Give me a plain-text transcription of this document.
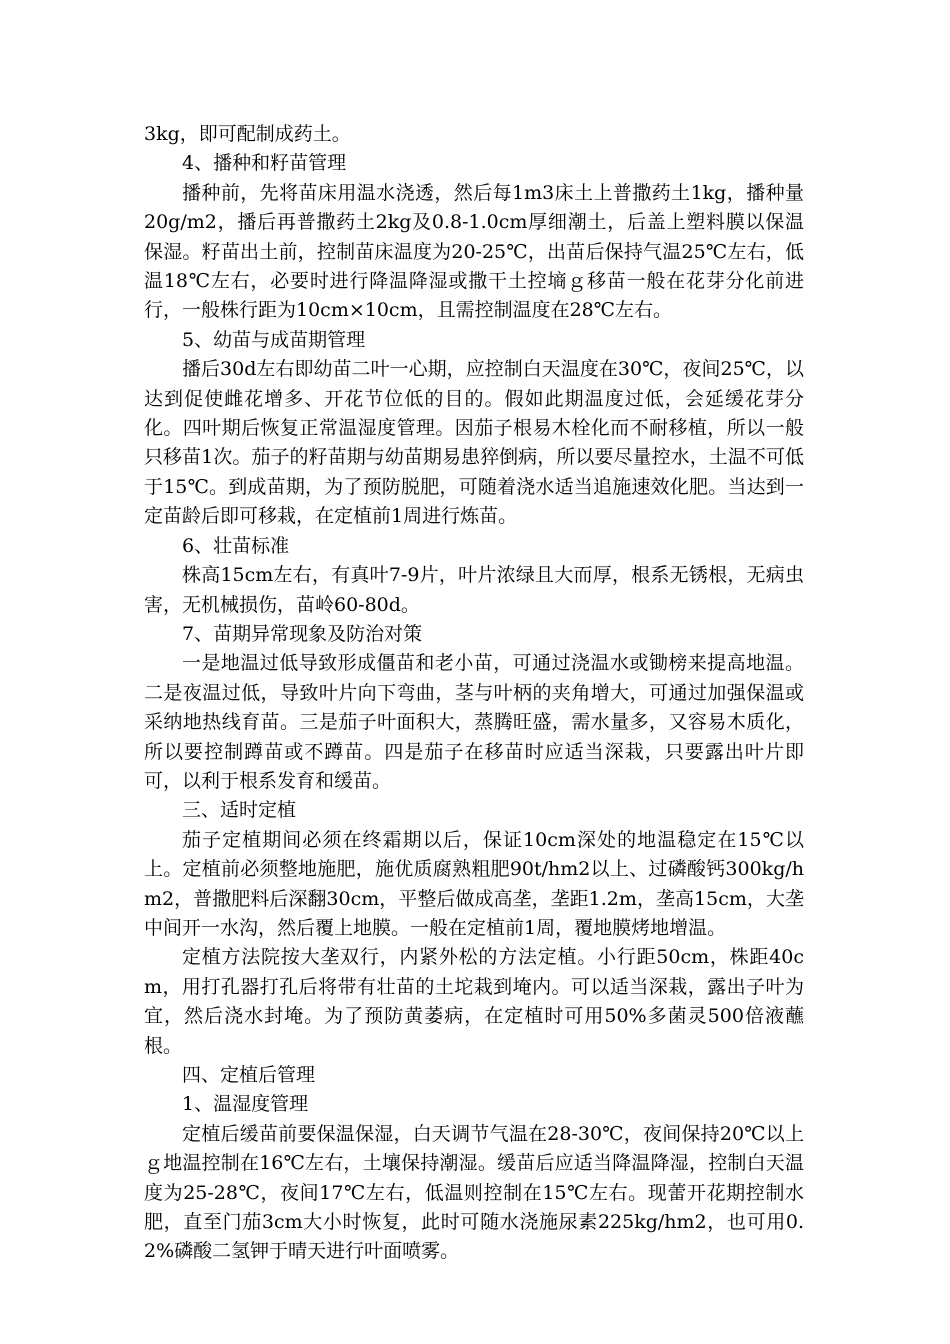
3kg，即可配制成药土。

4、播种和籽苗管理

播种前，先将苗床用温水浇透，然后每1m3床土上普撒药土1kg，播种量20g/m2，播后再普撒药土2kg及0.8-1.0cm厚细潮土，后盖上塑料膜以保温保湿。籽苗出土前，控制苗床温度为20-25℃，出苗后保持气温25℃左右，低温18℃左右，必要时进行降温降湿或撒干土控墒ｇ移苗一般在花芽分化前进行，一般株行距为10cm×10cm，且需控制温度在28℃左右。

5、幼苗与成苗期管理

播后30d左右即幼苗二叶一心期，应控制白天温度在30℃，夜间25℃，以达到促使雌花增多、开花节位低的目的。假如此期温度过低，会延缓花芽分化。四叶期后恢复正常温湿度管理。因茄子根易木栓化而不耐移植，所以一般只移苗1次。茄子的籽苗期与幼苗期易患猝倒病，所以要尽量控水，土温不可低于15℃。到成苗期，为了预防脱肥，可随着浇水适当追施速效化肥。当达到一定苗龄后即可移栽，在定植前1周进行炼苗。

6、壮苗标准

株高15cm左右，有真叶7-9片，叶片浓绿且大而厚，根系无锈根，无病虫害，无机械损伤，苗岭60-80d。

7、苗期异常现象及防治对策

一是地温过低导致形成僵苗和老小苗，可通过浇温水或锄榜来提高地温。二是夜温过低，导致叶片向下弯曲，茎与叶柄的夹角增大，可通过加强保温或采纳地热线育苗。三是茄子叶面积大，蒸腾旺盛，需水量多，又容易木质化，所以要控制蹲苗或不蹲苗。四是茄子在移苗时应适当深栽，只要露出叶片即可，以利于根系发育和缓苗。

三、适时定植

茄子定植期间必须在终霜期以后，保证10cm深处的地温稳定在15℃以上。定植前必须整地施肥，施优质腐熟粗肥90t/hm2以上、过磷酸钙300kg/hm2，普撒肥料后深翻30cm，平整后做成高垄，垄距1.2m，垄高15cm，大垄中间开一水沟，然后覆上地膜。一般在定植前1周，覆地膜烤地增温。

定植方法院按大垄双行，内紧外松的方法定植。小行距50cm，株距40cm，用打孔器打孔后将带有壮苗的土坨栽到埯内。可以适当深栽，露出子叶为宜，然后浇水封埯。为了预防黄萎病，在定植时可用50%多菌灵500倍液蘸根。

四、定植后管理

1、温湿度管理

定植后缓苗前要保温保湿，白天调节气温在28-30℃，夜间保持20℃以上ｇ地温控制在16℃左右，土壤保持潮湿。缓苗后应适当降温降湿，控制白天温度为25-28℃，夜间17℃左右，低温则控制在15℃左右。现蕾开花期控制水肥，直至门茄3cm大小时恢复，此时可随水浇施尿素225kg/hm2，也可用0.2%磷酸二氢钾于晴天进行叶面喷雾。
